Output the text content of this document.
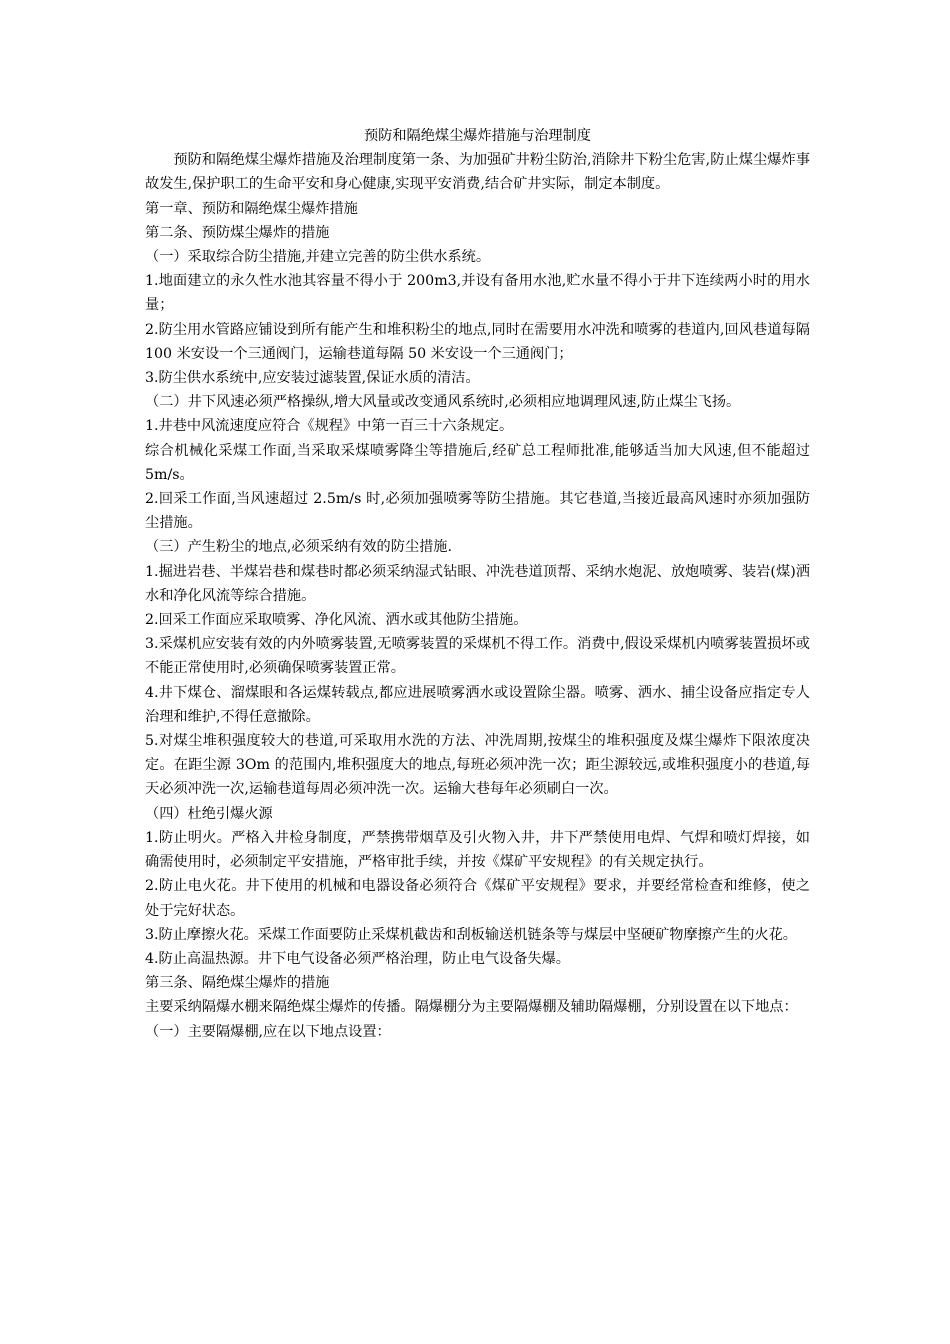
预防和隔绝煤尘爆炸措施与治理制度

预防和隔绝煤尘爆炸措施及治理制度第一条、为加强矿井粉尘防治,消除井下粉尘危害,防止煤尘爆炸事故发生,保护职工的生命平安和身心健康,实现平安消费,结合矿井实际，制定本制度。

第一章、预防和隔绝煤尘爆炸措施

第二条、预防煤尘爆炸的措施

（一）采取综合防尘措施,并建立完善的防尘供水系统。

1.地面建立的永久性水池其容量不得小于 200m3,并设有备用水池,贮水量不得小于井下连续两小时的用水量；

2.防尘用水管路应铺设到所有能产生和堆积粉尘的地点,同时在需要用水冲洗和喷雾的巷道内,回风巷道每隔 100 米安设一个三通阀门，运输巷道每隔 50 米安设一个三通阀门；

3.防尘供水系统中,应安装过滤装置,保证水质的清洁。

（二）井下风速必须严格操纵,增大风量或改变通风系统时,必须相应地调理风速,防止煤尘飞扬。

1.井巷中风流速度应符合《规程》中第一百三十六条规定。

综合机械化采煤工作面,当采取采煤喷雾降尘等措施后,经矿总工程师批准,能够适当加大风速,但不能超过 5m/s。

2.回采工作面,当风速超过 2.5m/s 时,必须加强喷雾等防尘措施。其它巷道,当接近最高风速时亦须加强防尘措施。

（三）产生粉尘的地点,必须采纳有效的防尘措施.

1.掘进岩巷、半煤岩巷和煤巷时都必须采纳湿式钻眼、冲洗巷道顶帮、采纳水炮泥、放炮喷雾、装岩(煤)洒水和净化风流等综合措施。

2.回采工作面应采取喷雾、净化风流、洒水或其他防尘措施。

3.采煤机应安装有效的内外喷雾装置,无喷雾装置的采煤机不得工作。消费中,假设采煤机内喷雾装置损坏或不能正常使用时,必须确保喷雾装置正常。

4.井下煤仓、溜煤眼和各运煤转载点,都应进展喷雾洒水或设置除尘器。喷雾、洒水、捕尘设备应指定专人治理和维护,不得任意撤除。

5.对煤尘堆积强度较大的巷道,可采取用水洗的方法、冲洗周期,按煤尘的堆积强度及煤尘爆炸下限浓度决定。在距尘源 3Om 的范围内,堆积强度大的地点,每班必须冲洗一次；距尘源较远,或堆积强度小的巷道,每天必须冲洗一次,运输巷道每周必须冲洗一次。运输大巷每年必须刷白一次。

（四）杜绝引爆火源

1.防止明火。严格入井检身制度，严禁携带烟草及引火物入井，井下严禁使用电焊、气焊和喷灯焊接，如确需使用时，必须制定平安措施，严格审批手续，并按《煤矿平安规程》的有关规定执行。

2.防止电火花。井下使用的机械和电器设备必须符合《煤矿平安规程》要求，并要经常检查和维修，使之处于完好状态。

3.防止摩擦火花。采煤工作面要防止采煤机截齿和刮板输送机链条等与煤层中坚硬矿物摩擦产生的火花。

4.防止高温热源。井下电气设备必须严格治理，防止电气设备失爆。

第三条、隔绝煤尘爆炸的措施

主要采纳隔爆水棚来隔绝煤尘爆炸的传播。隔爆棚分为主要隔爆棚及辅助隔爆棚，分别设置在以下地点：

（一）主要隔爆棚,应在以下地点设置：
